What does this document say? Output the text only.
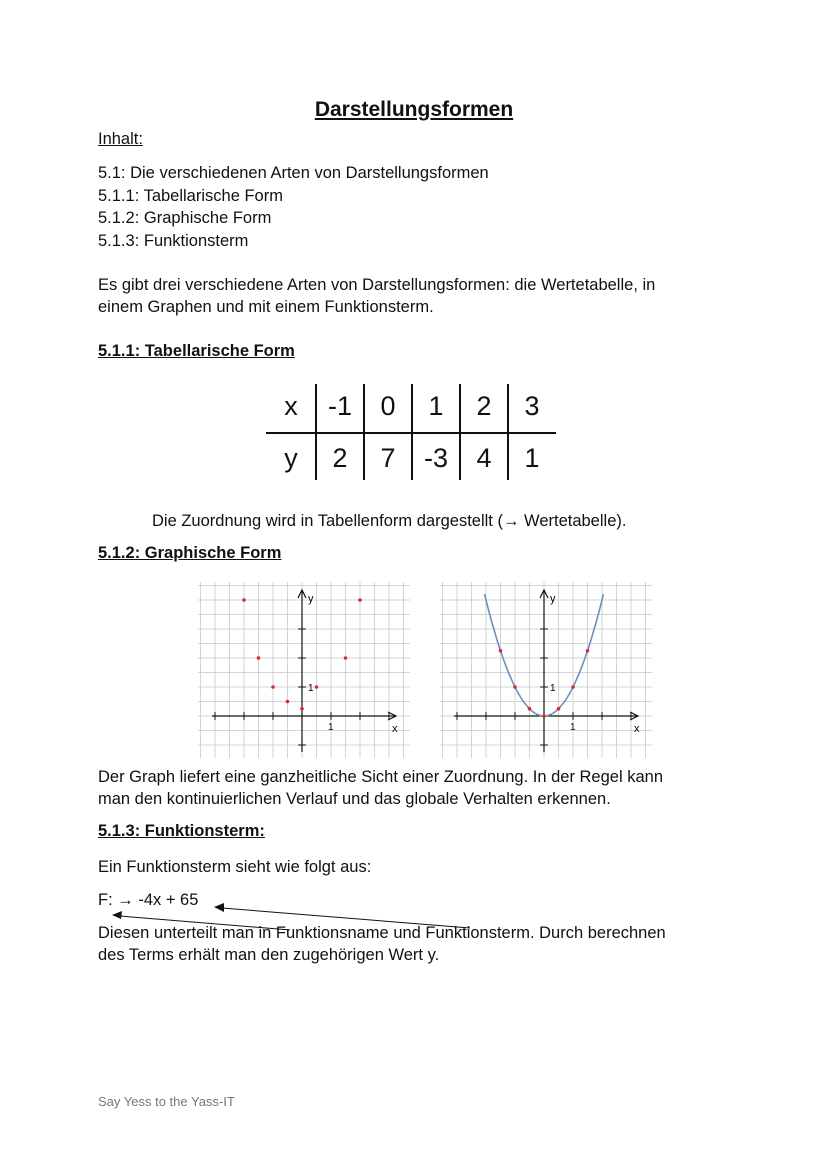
Darstellungsformen
Inhalt:
5.1: Die verschiedenen Arten von Darstellungsformen
5.1.1: Tabellarische Form
5.1.2: Graphische Form
5.1.3: Funktionsterm
Es gibt drei verschiedene Arten von Darstellungsformen: die Wertetabelle, in
einem Graphen und mit einem Funktionsterm.
5.1.1: Tabellarische Form
x	-1	0	1	2	3
y	2	7	-3	4	1
Die Zuordnung wird in Tabellenform dargestellt (→ Wertetabelle).
5.1.2: Graphische Form
x
y
1
1
x
y
1
1
Der Graph liefert eine ganzheitliche Sicht einer Zuordnung. In der Regel kann
man den kontinuierlichen Verlauf und das globale Verhalten erkennen.
5.1.3: Funktionsterm:
Ein Funktionsterm sieht wie folgt aus:
F: → -4x + 65
Diesen unterteilt man in Funktionsname und Funktionsterm. Durch berechnen
des Terms erhält man den zugehörigen Wert y.
Say Yess to the Yass-IT
